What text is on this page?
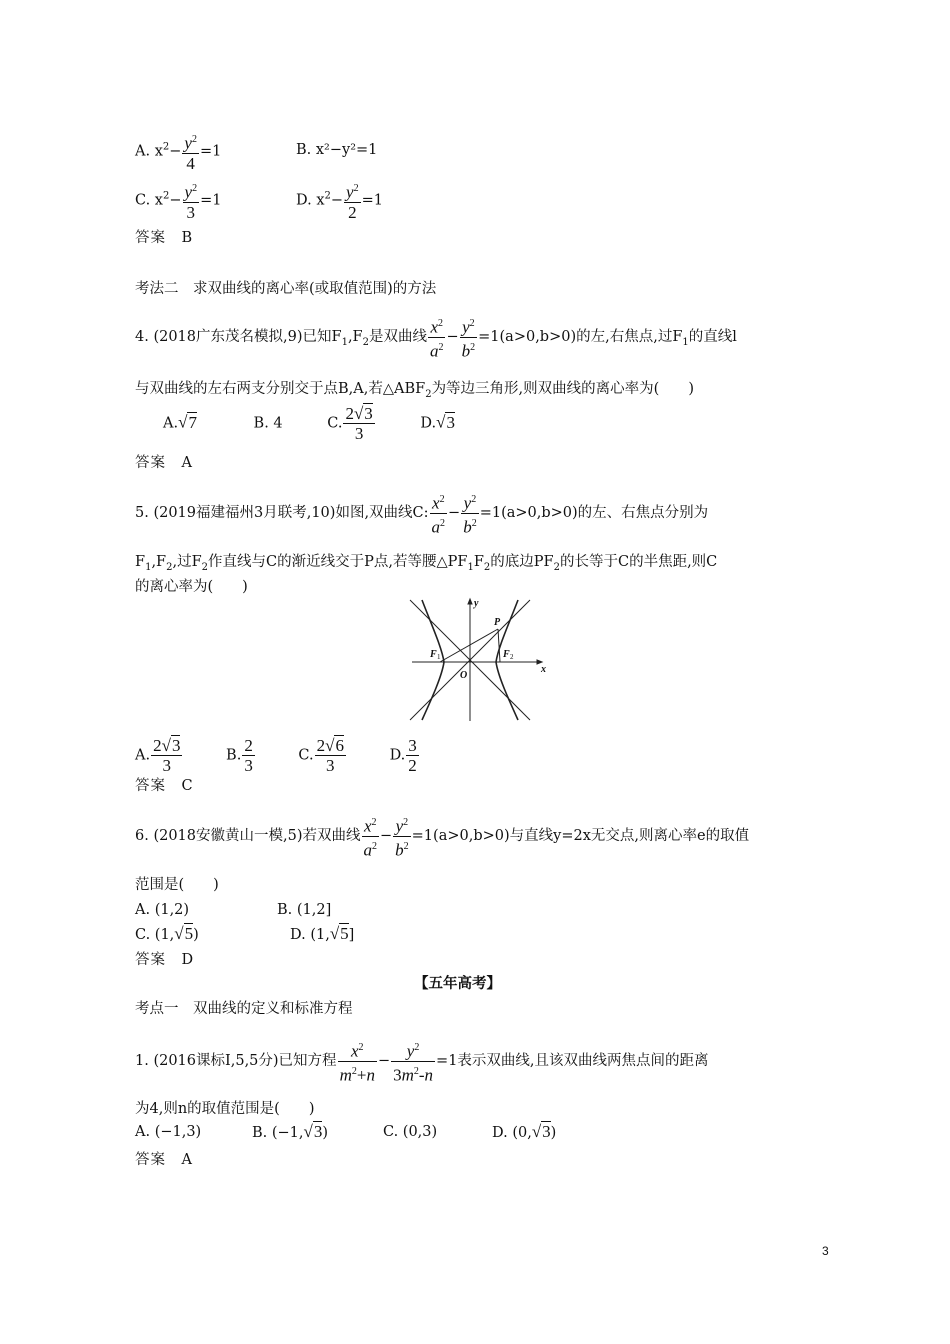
A. $x^2- \frac{y^2}{4} =1$	B. x²−y²=1
C. $x^2- \frac{y^2}{3} =1$	D. $x^2- \frac{y^2}{2} =1$
答案　B
考法二　求双曲线的离心率(或取值范围)的方法
4. (2018广东茂名模拟,9)已知$F_1,F_2$是双曲线 $\frac{x^2}{a^2} - \frac{y^2}{b^2} =1(a>0,b>0)$的左,右焦点,过$F_1$的直线l
与双曲线的左右两支分别交于点B,A,若$\triangle ABF_2$为等边三角形,则双曲线的离心率为(　　)
A.√7	B. 4	C. $\frac{2√3}{3}$	D.√3
答案　A
5. (2019福建福州3月联考,10)如图,双曲线C: $\frac{x^2}{a^2} - \frac{y^2}{b^2} =1(a>0,b>0)$的左、右焦点分别为
$F_1,F_2$,过$F_2$作直线与C的渐近线交于P点,若等腰$\triangle PF_1F_2$的底边$PF_2$的长等于C的半焦距,则C
的离心率为(　　)
y
x
P
F	F
O
1	2
A. $\frac{2√3}{3}$	B. $\frac{2}{3}$	C. $\frac{2√6}{3}$	D. $\frac{3}{2}$
答案　C
6. (2018安徽黄山一模,5)若双曲线 $\frac{x^2}{a^2} - \frac{y^2}{b^2} =1(a>0,b>0)$与直线y=2x无交点,则离心率e的取值
范围是(　　)
A. (1,2)	B. (1,2]
C. (1,√5)	D. (1,√5]
答案　D
【五年高考】
考点一　双曲线的定义和标准方程
1. (2016课标Ⅰ,5,5分)已知方程 $\frac{x^2}{m^2+n} - \frac{y^2}{3m^2-n} =1$表示双曲线,且该双曲线两焦点间的距离
为4,则n的取值范围是(　　)
A. (−1,3)	B. (−1,√3)	C. (0,3)	D. (0,√3)
答案　A
3
